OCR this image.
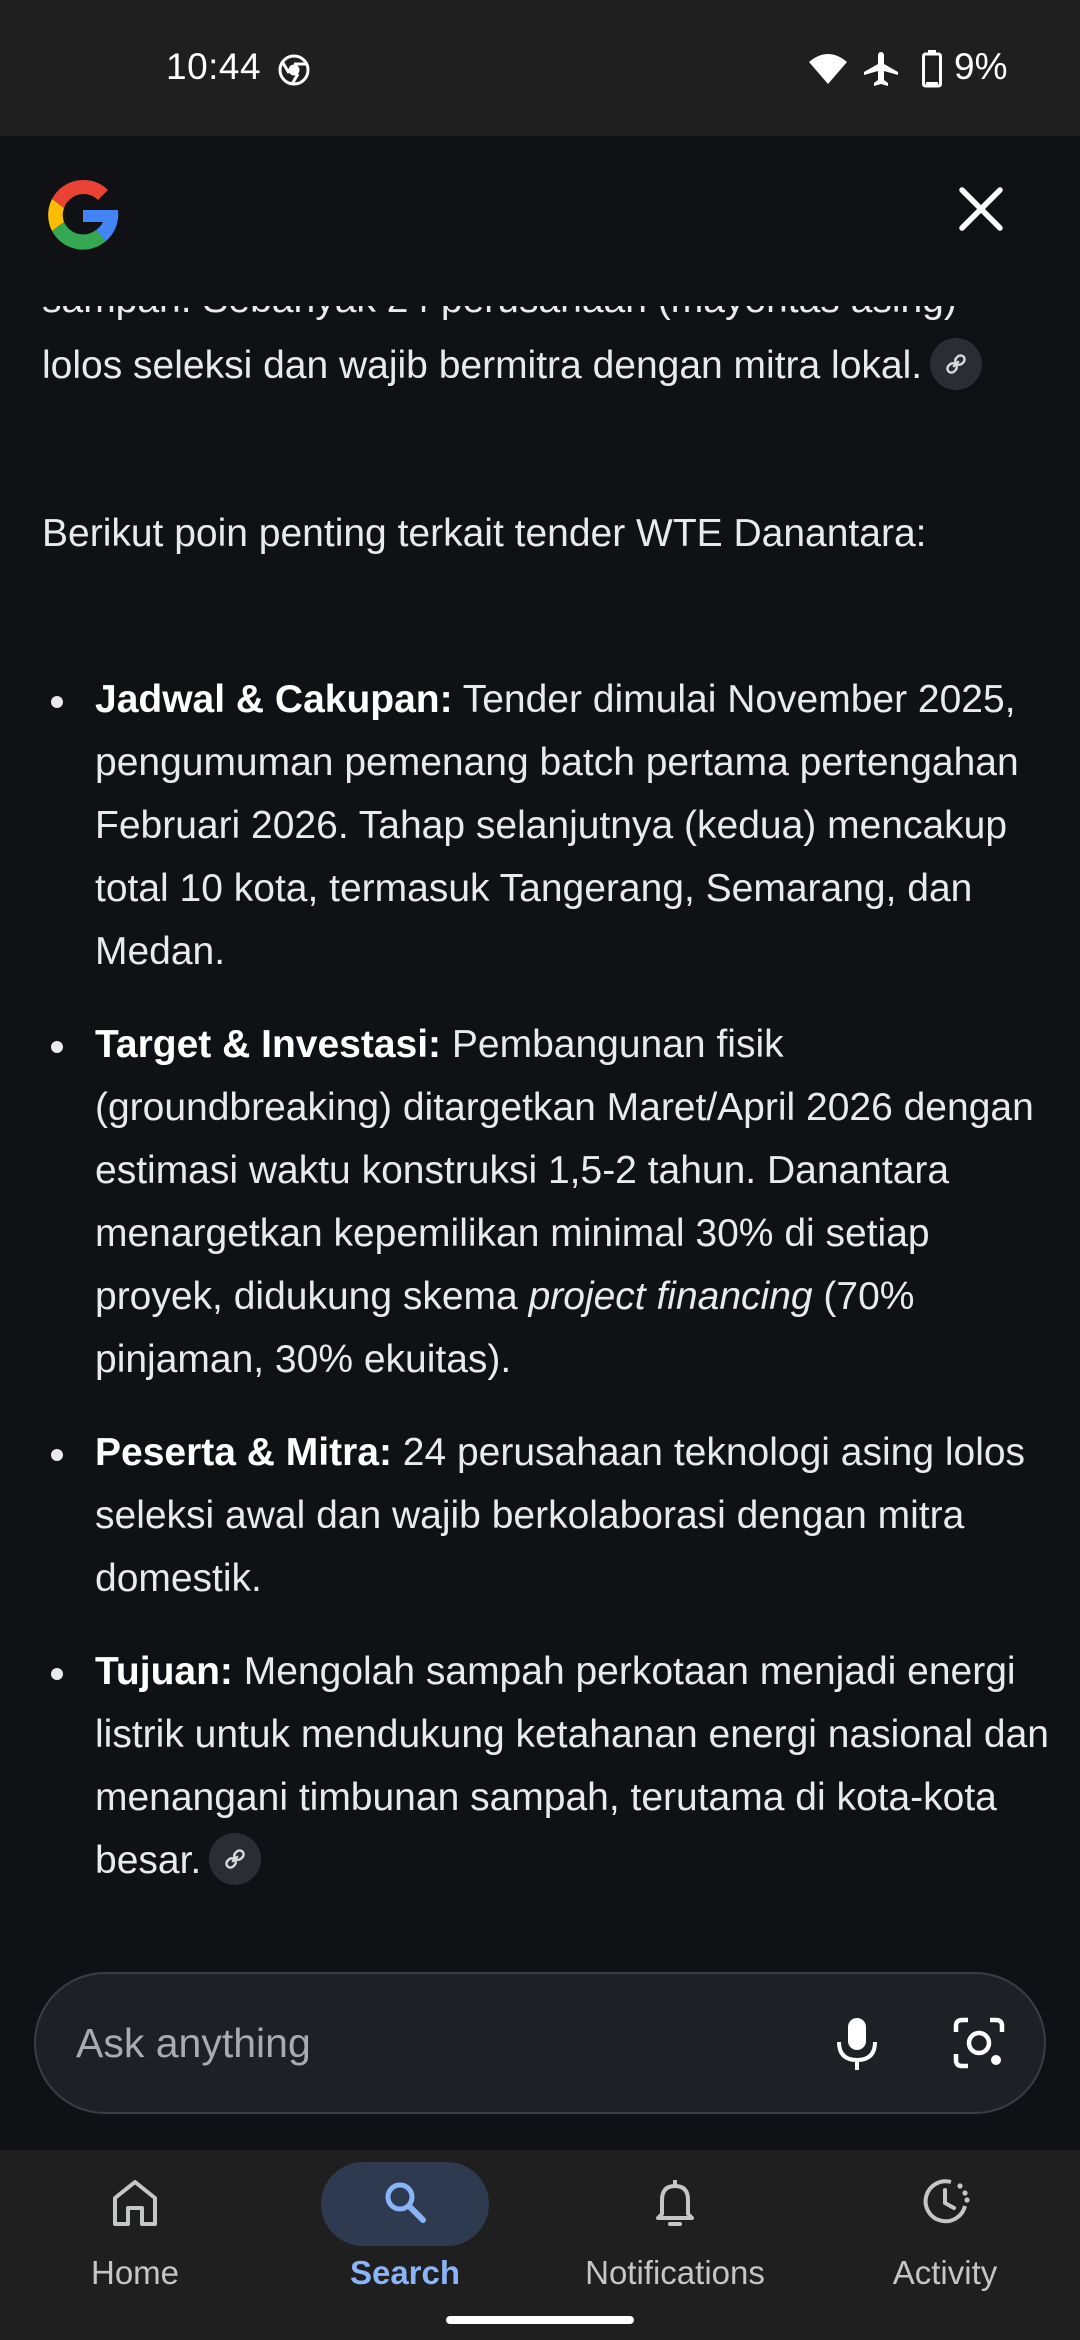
10:44	9%
lolos seleksi dan wajib bermitra dengan mitra lokal.
Berikut poin penting terkait tender WTE Danantara:
Jadwal & Cakupan: Tender dimulai November 2025, pengumuman pemenang batch pertama pertengahan Februari 2026. Tahap selanjutnya (kedua) mencakup total 10 kota, termasuk Tangerang, Semarang, dan Medan.
Target & Investasi: Pembangunan fisik (groundbreaking) ditargetkan Maret/April 2026 dengan estimasi waktu konstruksi 1,5-2 tahun. Danantara menargetkan kepemilikan minimal 30% di setiap proyek, didukung skema project financing (70% pinjaman, 30% ekuitas).
Peserta & Mitra: 24 perusahaan teknologi asing lolos seleksi awal dan wajib berkolaborasi dengan mitra domestik.
Tujuan: Mengolah sampah perkotaan menjadi energi listrik untuk mendukung ketahanan energi nasional dan menangani timbunan sampah, terutama di kota-kota besar.
Ask anything
Home	Search	Notifications	Activity
